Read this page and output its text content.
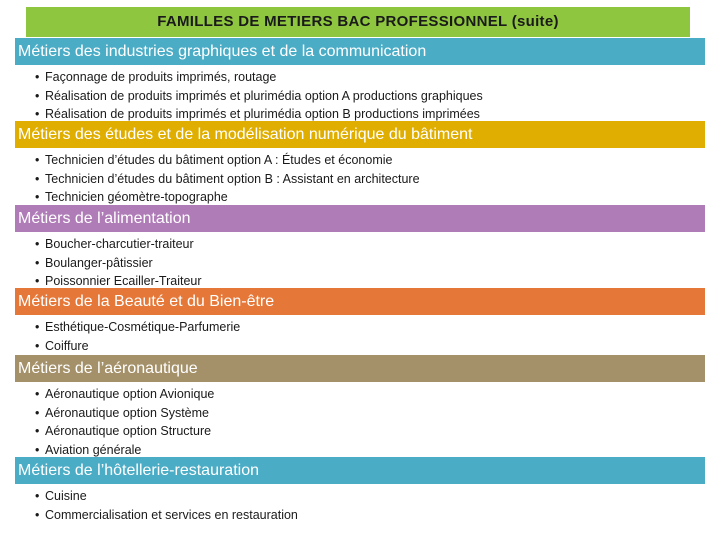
FAMILLES DE METIERS BAC PROFESSIONNEL (suite)
Métiers des industries graphiques et de la communication
• Façonnage de produits imprimés, routage
• Réalisation de produits imprimés et plurimédia option A productions graphiques
• Réalisation de produits imprimés et plurimédia option B productions imprimées
Métiers des études et de la modélisation numérique du bâtiment
• Technicien d’études du bâtiment option A : Études et économie
• Technicien d’études du bâtiment option B : Assistant en architecture
• Technicien géomètre-topographe
Métiers de l’alimentation
• Boucher-charcutier-traiteur
• Boulanger-pâtissier
• Poissonnier Ecailler-Traiteur
Métiers de la Beauté et du Bien-être
• Esthétique-Cosmétique-Parfumerie
• Coiffure
Métiers de l’aéronautique
• Aéronautique option Avionique
• Aéronautique option Système
• Aéronautique option Structure
• Aviation générale
Métiers de l’hôtellerie-restauration
• Cuisine
• Commercialisation et services en restauration
